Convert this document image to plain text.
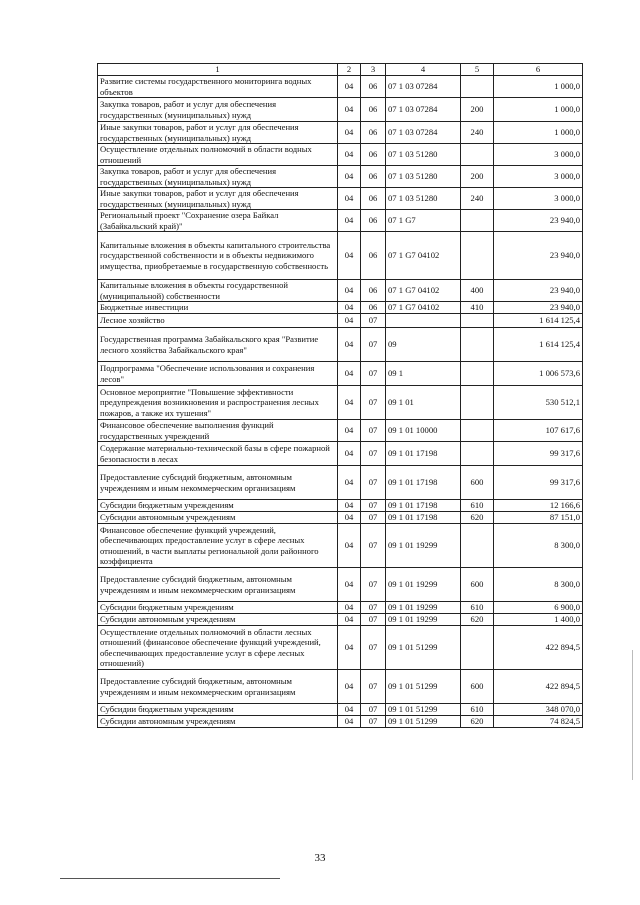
1	2	3	4	5	6
Развитие системы государственного мониторинга водных объектов	04	06	07 1 03 07284		1 000,0
Закупка товаров, работ и услуг для обеспечения государственных (муниципальных) нужд	04	06	07 1 03 07284	200	1 000,0
Иные закупки товаров, работ и услуг для обеспечения государственных (муниципальных) нужд	04	06	07 1 03 07284	240	1 000,0
Осуществление отдельных полномочий в области водных отношений	04	06	07 1 03 51280		3 000,0
Закупка товаров, работ и услуг для обеспечения государственных (муниципальных) нужд	04	06	07 1 03 51280	200	3 000,0
Иные закупки товаров, работ и услуг для обеспечения государственных (муниципальных) нужд	04	06	07 1 03 51280	240	3 000,0
Региональный проект "Сохранение озера Байкал (Забайкальский край)"	04	06	07 1 G7		23 940,0
Капитальные вложения в объекты капитального строительства государственной собственности и в объекты недвижимого имущества, приобретаемые в государственную собственность	04	06	07 1 G7 04102		23 940,0
Капитальные вложения в объекты государственной (муниципальной) собственности	04	06	07 1 G7 04102	400	23 940,0
Бюджетные инвестиции	04	06	07 1 G7 04102	410	23 940,0
Лесное хозяйство	04	07			1 614 125,4
Государственная программа Забайкальского края "Развитие лесного хозяйства Забайкальского края"	04	07	09		1 614 125,4
Подпрограмма "Обеспечение использования и сохранения лесов"	04	07	09 1		1 006 573,6
Основное мероприятие "Повышение эффективности предупреждения возникновения и распространения лесных пожаров, а также их тушения"	04	07	09 1 01		530 512,1
Финансовое обеспечение выполнения функций государственных учреждений	04	07	09 1 01 10000		107 617,6
Содержание материально-технической базы в сфере пожарной безопасности в лесах	04	07	09 1 01 17198		99 317,6
Предоставление субсидий бюджетным, автономным учреждениям и иным некоммерческим организациям	04	07	09 1 01 17198	600	99 317,6
Субсидии бюджетным учреждениям	04	07	09 1 01 17198	610	12 166,6
Субсидии автономным учреждениям	04	07	09 1 01 17198	620	87 151,0
Финансовое обеспечение функций учреждений, обеспечивающих предоставление услуг в сфере лесных отношений, в части выплаты региональной доли районного коэффициента	04	07	09 1 01 19299		8 300,0
Предоставление субсидий бюджетным, автономным учреждениям и иным некоммерческим организациям	04	07	09 1 01 19299	600	8 300,0
Субсидии бюджетным учреждениям	04	07	09 1 01 19299	610	6 900,0
Субсидии автономным учреждениям	04	07	09 1 01 19299	620	1 400,0
Осуществление отдельных полномочий в области лесных отношений (финансовое обеспечение функций учреждений, обеспечивающих предоставление услуг в сфере лесных отношений)	04	07	09 1 01 51299		422 894,5
Предоставление субсидий бюджетным, автономным учреждениям и иным некоммерческим организациям	04	07	09 1 01 51299	600	422 894,5
Субсидии бюджетным учреждениям	04	07	09 1 01 51299	610	348 070,0
Субсидии автономным учреждениям	04	07	09 1 01 51299	620	74 824,5
33
